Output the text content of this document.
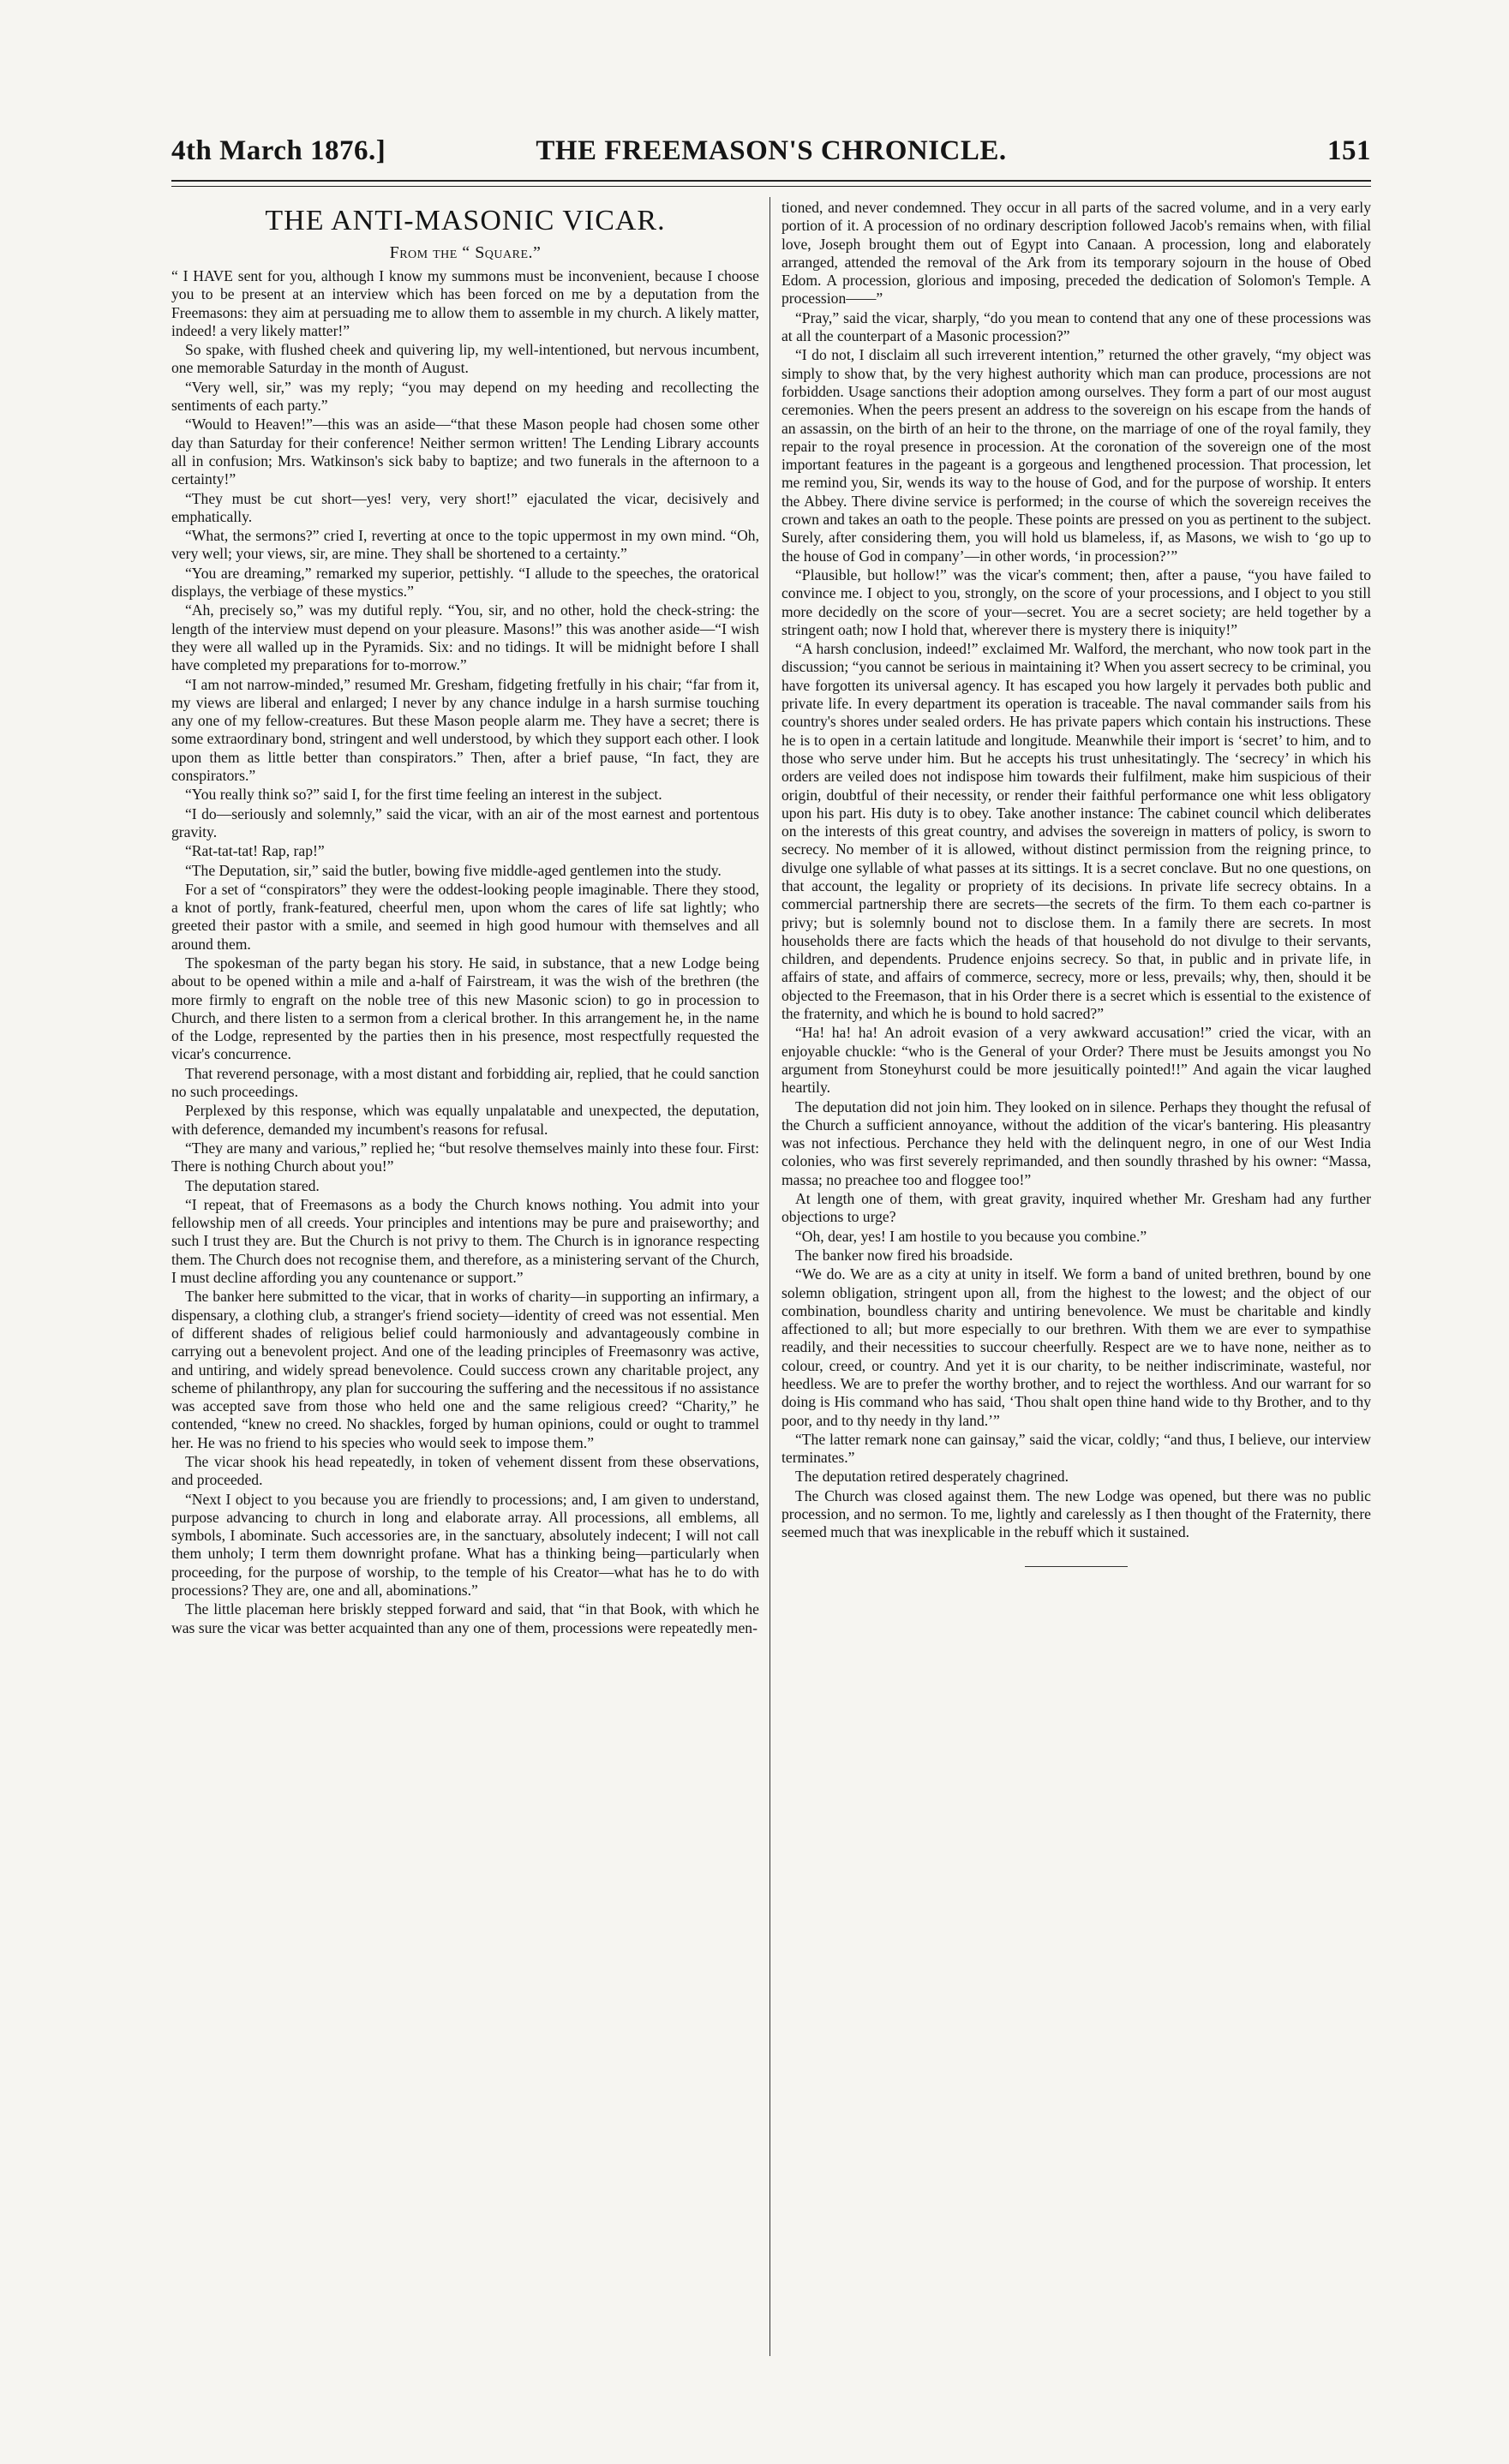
4th March 1876.]	THE FREEMASON'S CHRONICLE.	151
THE ANTI-MASONIC VICAR.
From the “ Square.”

“ I HAVE sent for you, although I know my summons must be inconvenient, because I choose you to be present at an interview which has been forced on me by a deputation from the Freemasons: they aim at persuading me to allow them to assemble in my church. A likely matter, indeed! a very likely matter!”

So spake, with flushed cheek and quivering lip, my well-intentioned, but nervous incumbent, one memorable Saturday in the month of August.

“Very well, sir,” was my reply; “you may depend on my heeding and recollecting the sentiments of each party.”

“Would to Heaven!”—this was an aside—“that these Mason people had chosen some other day than Saturday for their conference! Neither sermon written! The Lending Library accounts all in confusion; Mrs. Watkinson's sick baby to baptize; and two funerals in the afternoon to a certainty!”

“They must be cut short—yes! very, very short!” ejaculated the vicar, decisively and emphatically.

“What, the sermons?” cried I, reverting at once to the topic uppermost in my own mind. “Oh, very well; your views, sir, are mine. They shall be shortened to a certainty.”

“You are dreaming,” remarked my superior, pettishly. “I allude to the speeches, the oratorical displays, the verbiage of these mystics.”

“Ah, precisely so,” was my dutiful reply. “You, sir, and no other, hold the check-string: the length of the interview must depend on your pleasure. Masons!” this was another aside—“I wish they were all walled up in the Pyramids. Six: and no tidings. It will be midnight before I shall have completed my preparations for to-morrow.”

“I am not narrow-minded,” resumed Mr. Gresham, fidgeting fretfully in his chair; “far from it, my views are liberal and enlarged; I never by any chance indulge in a harsh surmise touching any one of my fellow-creatures. But these Mason people alarm me. They have a secret; there is some extraordinary bond, stringent and well understood, by which they support each other. I look upon them as little better than conspirators.” Then, after a brief pause, “In fact, they are conspirators.”

“You really think so?” said I, for the first time feeling an interest in the subject.

“I do—seriously and solemnly,” said the vicar, with an air of the most earnest and portentous gravity.

“Rat-tat-tat! Rap, rap!”

“The Deputation, sir,” said the butler, bowing five middle-aged gentlemen into the study.

For a set of “conspirators” they were the oddest-looking people imaginable. There they stood, a knot of portly, frank-featured, cheerful men, upon whom the cares of life sat lightly; who greeted their pastor with a smile, and seemed in high good humour with themselves and all around them.

The spokesman of the party began his story. He said, in substance, that a new Lodge being about to be opened within a mile and a-half of Fairstream, it was the wish of the brethren (the more firmly to engraft on the noble tree of this new Masonic scion) to go in procession to Church, and there listen to a sermon from a clerical brother. In this arrangement he, in the name of the Lodge, represented by the parties then in his presence, most respectfully requested the vicar's concurrence.

That reverend personage, with a most distant and forbidding air, replied, that he could sanction no such proceedings.

Perplexed by this response, which was equally unpalatable and unexpected, the deputation, with deference, demanded my incumbent's reasons for refusal.

“They are many and various,” replied he; “but resolve themselves mainly into these four. First: There is nothing Church about you!”

The deputation stared.

“I repeat, that of Freemasons as a body the Church knows nothing. You admit into your fellowship men of all creeds. Your principles and intentions may be pure and praiseworthy; and such I trust they are. But the Church is not privy to them. The Church is in ignorance respecting them. The Church does not recognise them, and therefore, as a ministering servant of the Church, I must decline affording you any countenance or support.”

The banker here submitted to the vicar, that in works of charity—in supporting an infirmary, a dispensary, a clothing club, a stranger's friend society—identity of creed was not essential. Men of different shades of religious belief could harmoniously and advantageously combine in carrying out a benevolent project. And one of the leading principles of Freemasonry was active, and untiring, and widely spread benevolence. Could success crown any charitable project, any scheme of philanthropy, any plan for succouring the suffering and the necessitous if no assistance was accepted save from those who held one and the same religious creed? “Charity,” he contended, “knew no creed. No shackles, forged by human opinions, could or ought to trammel her. He was no friend to his species who would seek to impose them.”

The vicar shook his head repeatedly, in token of vehement dissent from these observations, and proceeded.

“Next I object to you because you are friendly to processions; and, I am given to understand, purpose advancing to church in long and elaborate array. All processions, all emblems, all symbols, I abominate. Such accessories are, in the sanctuary, absolutely indecent; I will not call them unholy; I term them downright profane. What has a thinking being—particularly when proceeding, for the purpose of worship, to the temple of his Creator—what has he to do with processions? They are, one and all, abominations.”

The little placeman here briskly stepped forward and said, that “in that Book, with which he was sure the vicar was better acquainted than any one of them, processions were repeatedly men-

tioned, and never condemned. They occur in all parts of the sacred volume, and in a very early portion of it. A procession of no ordinary description followed Jacob's remains when, with filial love, Joseph brought them out of Egypt into Canaan. A procession, long and elaborately arranged, attended the removal of the Ark from its temporary sojourn in the house of Obed Edom. A procession, glorious and imposing, preceded the dedication of Solomon's Temple. A procession——”

“Pray,” said the vicar, sharply, “do you mean to contend that any one of these processions was at all the counterpart of a Masonic procession?”

“I do not, I disclaim all such irreverent intention,” returned the other gravely, “my object was simply to show that, by the very highest authority which man can produce, processions are not forbidden. Usage sanctions their adoption among ourselves. They form a part of our most august ceremonies. When the peers present an address to the sovereign on his escape from the hands of an assassin, on the birth of an heir to the throne, on the marriage of one of the royal family, they repair to the royal presence in procession. At the coronation of the sovereign one of the most important features in the pageant is a gorgeous and lengthened procession. That procession, let me remind you, Sir, wends its way to the house of God, and for the purpose of worship. It enters the Abbey. There divine service is performed; in the course of which the sovereign receives the crown and takes an oath to the people. These points are pressed on you as pertinent to the subject. Surely, after considering them, you will hold us blameless, if, as Masons, we wish to ‘go up to the house of God in company’—in other words, ‘in procession?’”

“Plausible, but hollow!” was the vicar's comment; then, after a pause, “you have failed to convince me. I object to you, strongly, on the score of your processions, and I object to you still more decidedly on the score of your—secret. You are a secret society; are held together by a stringent oath; now I hold that, wherever there is mystery there is iniquity!”

“A harsh conclusion, indeed!” exclaimed Mr. Walford, the merchant, who now took part in the discussion; “you cannot be serious in maintaining it? When you assert secrecy to be criminal, you have forgotten its universal agency. It has escaped you how largely it pervades both public and private life. In every department its operation is traceable. The naval commander sails from his country's shores under sealed orders. He has private papers which contain his instructions. These he is to open in a certain latitude and longitude. Meanwhile their import is ‘secret’ to him, and to those who serve under him. But he accepts his trust unhesitatingly. The ‘secrecy’ in which his orders are veiled does not indispose him towards their fulfilment, make him suspicious of their origin, doubtful of their necessity, or render their faithful performance one whit less obligatory upon his part. His duty is to obey. Take another instance: The cabinet council which deliberates on the interests of this great country, and advises the sovereign in matters of policy, is sworn to secrecy. No member of it is allowed, without distinct permission from the reigning prince, to divulge one syllable of what passes at its sittings. It is a secret conclave. But no one questions, on that account, the legality or propriety of its decisions. In private life secrecy obtains. In a commercial partnership there are secrets—the secrets of the firm. To them each co-partner is privy; but is solemnly bound not to disclose them. In a family there are secrets. In most households there are facts which the heads of that household do not divulge to their servants, children, and dependents. Prudence enjoins secrecy. So that, in public and in private life, in affairs of state, and affairs of commerce, secrecy, more or less, prevails; why, then, should it be objected to the Freemason, that in his Order there is a secret which is essential to the existence of the fraternity, and which he is bound to hold sacred?”

“Ha! ha! ha! An adroit evasion of a very awkward accusation!” cried the vicar, with an enjoyable chuckle: “who is the General of your Order? There must be Jesuits amongst you No argument from Stoneyhurst could be more jesuitically pointed!!” And again the vicar laughed heartily.

The deputation did not join him. They looked on in silence. Perhaps they thought the refusal of the Church a sufficient annoyance, without the addition of the vicar's bantering. His pleasantry was not infectious. Perchance they held with the delinquent negro, in one of our West India colonies, who was first severely reprimanded, and then soundly thrashed by his owner: “Massa, massa; no preachee too and floggee too!”

At length one of them, with great gravity, inquired whether Mr. Gresham had any further objections to urge?

“Oh, dear, yes! I am hostile to you because you combine.”

The banker now fired his broadside.

“We do. We are as a city at unity in itself. We form a band of united brethren, bound by one solemn obligation, stringent upon all, from the highest to the lowest; and the object of our combination, boundless charity and untiring benevolence. We must be charitable and kindly affectioned to all; but more especially to our brethren. With them we are ever to sympathise readily, and their necessities to succour cheerfully. Respect are we to have none, neither as to colour, creed, or country. And yet it is our charity, to be neither indiscriminate, wasteful, nor heedless. We are to prefer the worthy brother, and to reject the worthless. And our warrant for so doing is His command who has said, ‘Thou shalt open thine hand wide to thy Brother, and to thy poor, and to thy needy in thy land.’”

“The latter remark none can gainsay,” said the vicar, coldly; “and thus, I believe, our interview terminates.”

The deputation retired desperately chagrined.

The Church was closed against them. The new Lodge was opened, but there was no public procession, and no sermon. To me, lightly and carelessly as I then thought of the Fraternity, there seemed much that was inexplicable in the rebuff which it sustained.
